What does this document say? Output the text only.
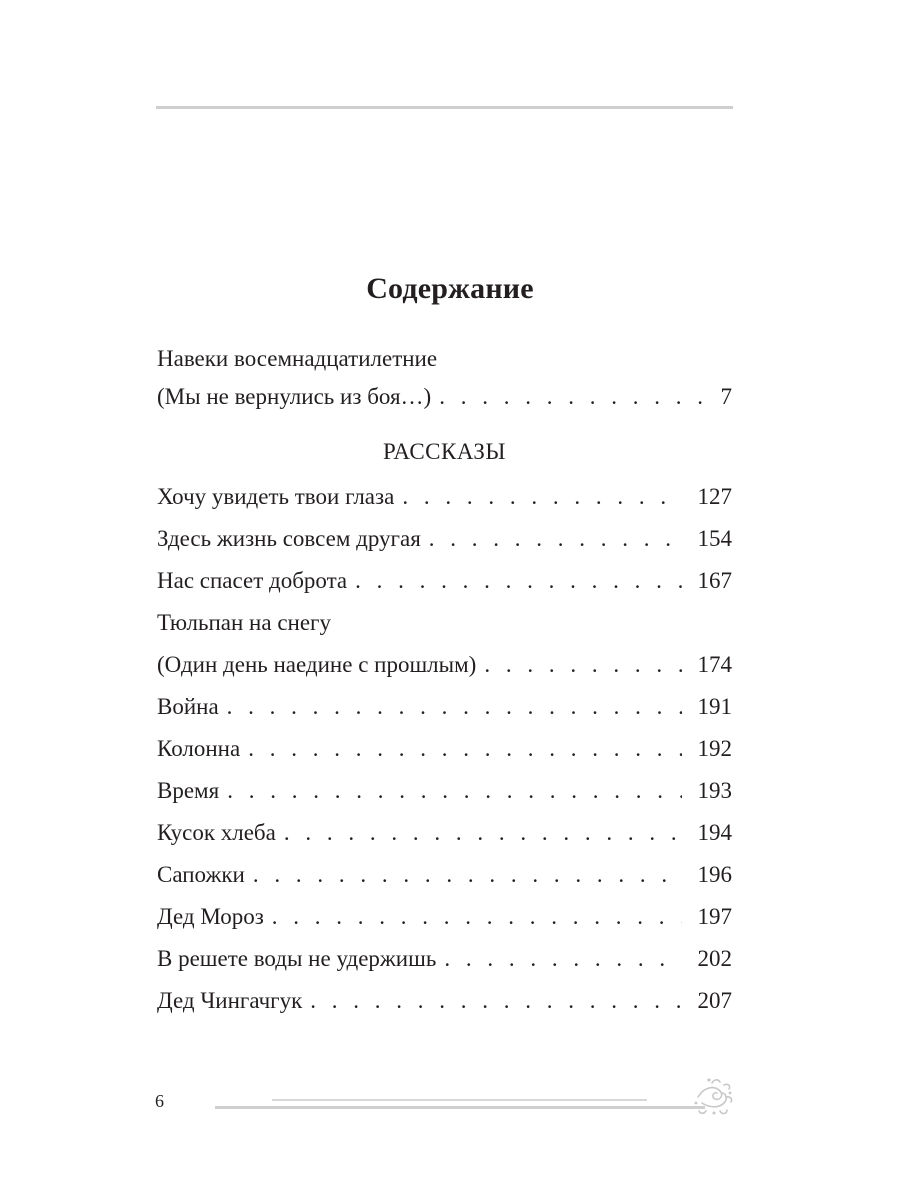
Содержание
Навеки восемнадцатилетние
(Мы не вернулись из боя…) . . .	7
РАССКАЗЫ
Хочу увидеть твои глаза . . .	127
Здесь жизнь совсем другая . . .	154
Нас спасет доброта . . .	167
Тюльпан на снегу
(Один день наедине с прошлым) . . .	174
Война . . .	191
Колонна . . .	192
Время . . .	193
Кусок хлеба . . .	194
Сапожки . . .	196
Дед Мороз . . .	197
В решете воды не удержишь . . .	202
Дед Чингачгук . . .	207
6
